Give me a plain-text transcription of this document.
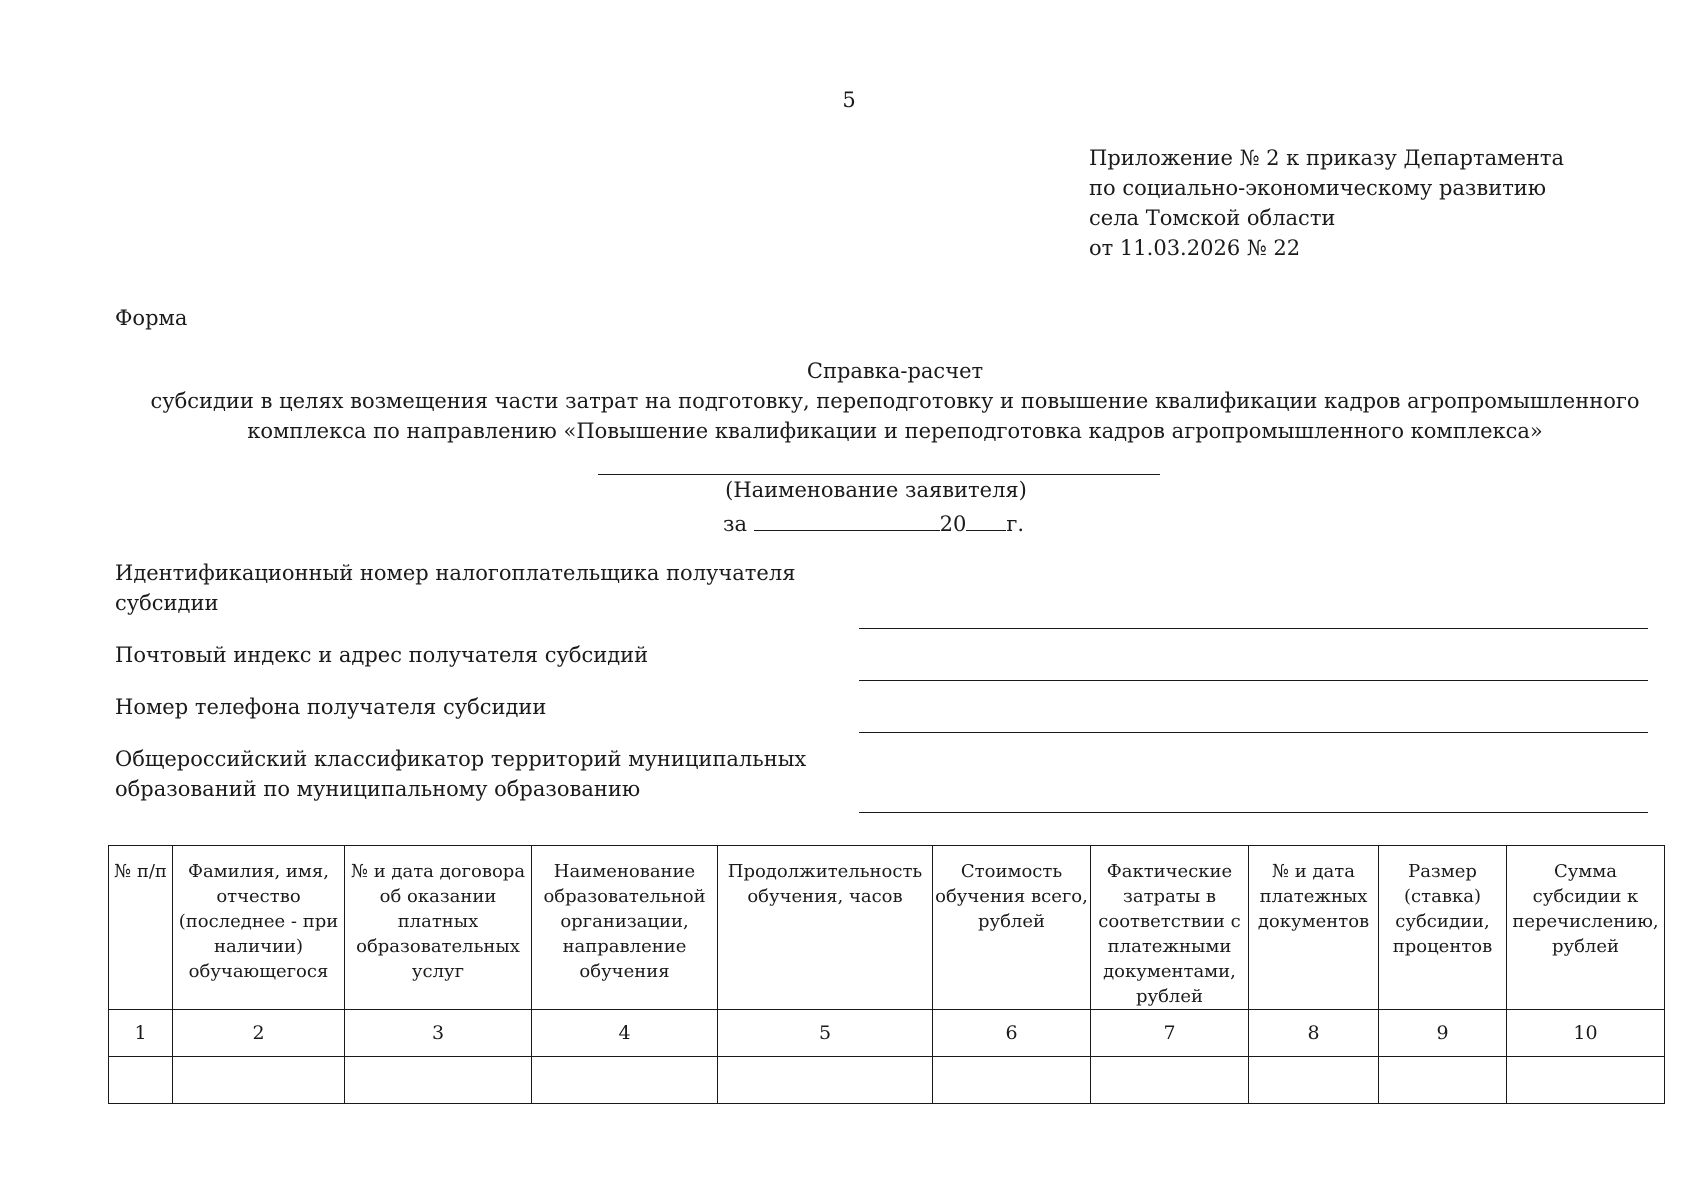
5
Приложение № 2 к приказу Департамента
по социально-экономическому развитию
села Томской области
от 11.03.2026 № 22
Форма
Справка-расчет
субсидии в целях возмещения части затрат на подготовку, переподготовку и повышение квалификации кадров агропромышленного
комплекса по направлению «Повышение квалификации и переподготовка кадров агропромышленного комплекса»
(Наименование заявителя)
за	20 г.
Идентификационный номер налогоплательщика получателя субсидии
Почтовый индекс и адрес получателя субсидий
Номер телефона получателя субсидии
Общероссийский классификатор территорий муниципальных образований по муниципальному образованию
№ п/п	Фамилия, имя, отчество (последнее - при наличии) обучающегося	№ и дата договора об оказании платных образовательных услуг	Наименование образовательной организации, направление обучения	Продолжительность обучения, часов	Стоимость обучения всего, рублей	Фактические затраты в соответствии с платежными документами, рублей	№ и дата платежных документов	Размер (ставка) субсидии, процентов	Сумма субсидии к перечислению, рублей
1	2	3	4	5	6	7	8	9	10
